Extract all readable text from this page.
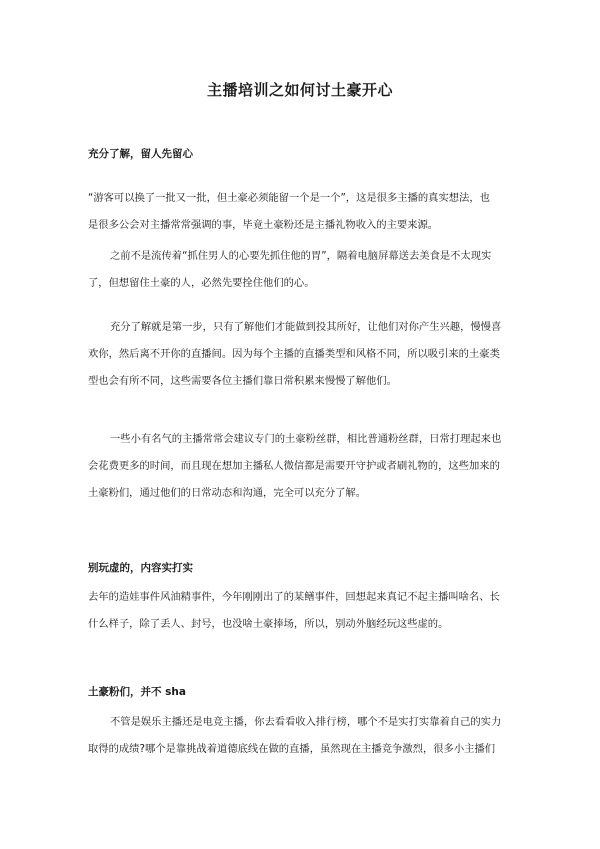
主播培训之如何讨土豪开心
充分了解，留人先留心
“游客可以换了一批又一批，但土豪必须能留一个是一个”，这是很多主播的真实想法，也
是很多公会对主播常常强调的事，毕竟土豪粉还是主播礼物收入的主要来源。
之前不是流传着“抓住男人的心要先抓住他的胃”，隔着电脑屏幕送去美食是不太现实
了，但想留住土豪的人，必然先要拴住他们的心。
充分了解就是第一步，只有了解他们才能做到投其所好，让他们对你产生兴趣，慢慢喜
欢你，然后离不开你的直播间。因为每个主播的直播类型和风格不同，所以吸引来的土豪类
型也会有所不同，这些需要各位主播们靠日常积累来慢慢了解他们。
一些小有名气的主播常常会建议专门的土豪粉丝群，相比普通粉丝群，日常打理起来也
会花费更多的时间，而且现在想加主播私人微信都是需要开守护或者刷礼物的，这些加来的
土豪粉们，通过他们的日常动态和沟通，完全可以充分了解。
别玩虚的，内容实打实
去年的造娃事件风油精事件，今年刚刚出了的某鳝事件，回想起来真记不起主播叫啥名、长
什么样子，除了丢人、封号，也没啥土豪捧场，所以，别动外脑经玩这些虚的。
土豪粉们，并不 sha
不管是娱乐主播还是电竞主播，你去看看收入排行榜，哪个不是实打实靠着自己的实力
取得的成绩?哪个是靠挑战着道德底线在做的直播，虽然现在主播竞争激烈，很多小主播们
